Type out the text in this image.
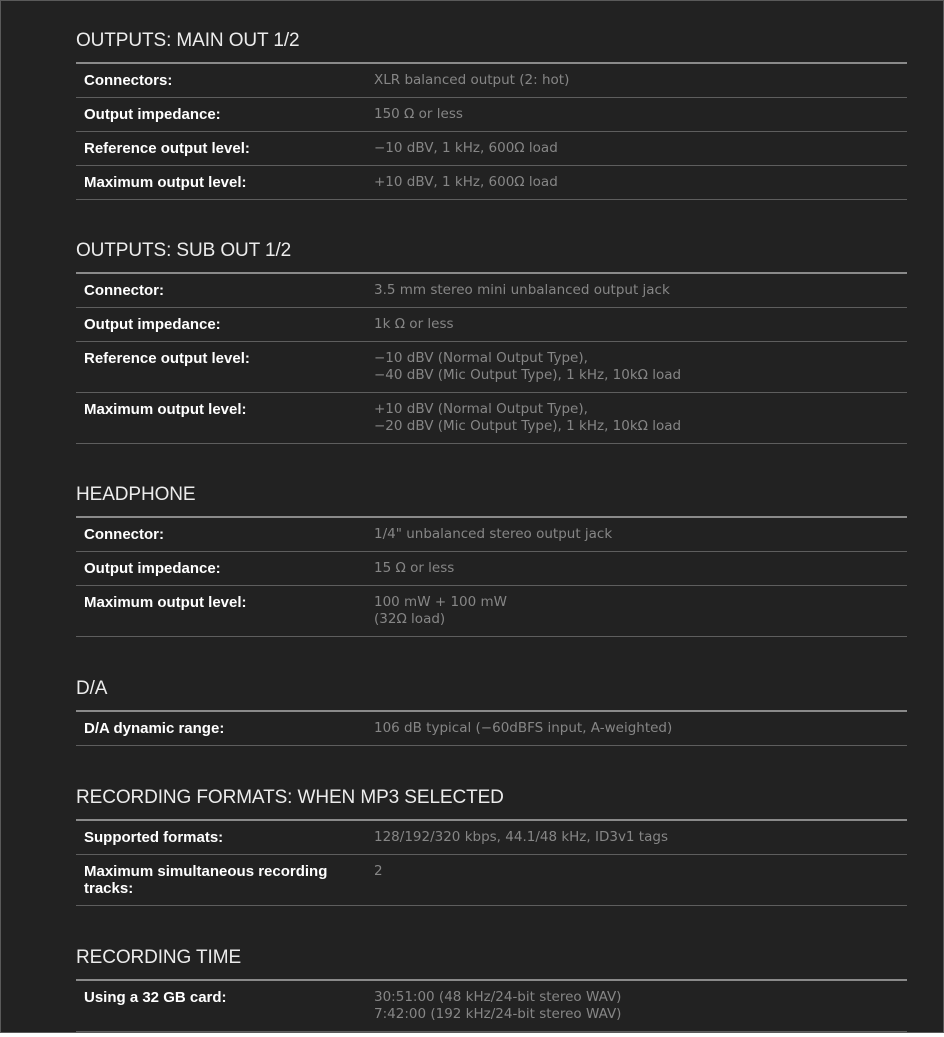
OUTPUTS: MAIN OUT 1/2
Connectors:	XLR balanced output (2: hot)
Output impedance:	150 Ω or less
Reference output level:	−10 dBV, 1 kHz, 600Ω load
Maximum output level:	+10 dBV, 1 kHz, 600Ω load
OUTPUTS: SUB OUT 1/2
Connector:	3.5 mm stereo mini unbalanced output jack
Output impedance:	1k Ω or less
Reference output level:	−10 dBV (Normal Output Type),
−40 dBV (Mic Output Type), 1 kHz, 10kΩ load
Maximum output level:	+10 dBV (Normal Output Type),
−20 dBV (Mic Output Type), 1 kHz, 10kΩ load
HEADPHONE
Connector:	1/4" unbalanced stereo output jack
Output impedance:	15 Ω or less
Maximum output level:	100 mW + 100 mW
(32Ω load)
D/A
D/A dynamic range:	106 dB typical (−60dBFS input, A-weighted)
RECORDING FORMATS: WHEN MP3 SELECTED
Supported formats:	128/192/320 kbps, 44.1/48 kHz, ID3v1 tags
Maximum simultaneous recording tracks:
2
RECORDING TIME
Using a 32 GB card:	30:51:00 (48 kHz/24-bit stereo WAV)
7:42:00 (192 kHz/24-bit stereo WAV)
